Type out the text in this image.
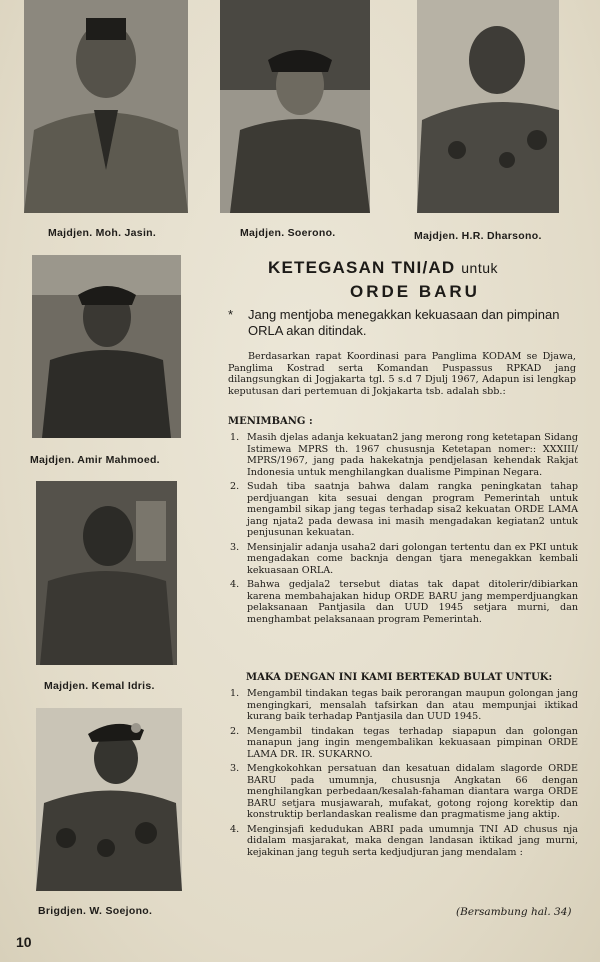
Majdjen. Moh. Jasin.	Majdjen. Soerono.	Majdjen. H.R. Dharsono.
Majdjen. Amir Mahmoed.
Majdjen. Kemal Idris.
Brigdjen. W. Soejono.
KETEGASAN TNI/AD untuk
ORDE BARU
*	Jang mentjoba menegakkan kekuasaan dan pimpinan ORLA akan ditindak.
Berdasarkan rapat Koordinasi para Panglima KODAM se Djawa, Panglima Kostrad serta Komandan Puspassus RPKAD jang dilangsungkan di Jogjakarta tgl. 5 s.d 7 Djulj 1967, Adapun isi lengkap keputusan dari pertemuan di Jokjakarta tsb. adalah sbb.:
MENIMBANG :
1. Masih djelas adanja kekuatan2 jang merong rong ketetapan Sidang Istimewa MPRS th. 1967 chususnja Ketetapan nomer:: XXXIII/ MPRS/1967, jang pada hakekatnja pendjelasan kehendak Rakjat Indonesia untuk menghilangkan dualisme Pimpinan Negara.
2. Sudah tiba saatnja bahwa dalam rangka peningkatan tahap perdjuangan kita sesuai dengan program Pemerintah untuk mengambil sikap jang tegas terhadap sisa2 kekuatan ORDE LAMA jang njata2 pada dewasa ini masih mengadakan kegiatan2 untuk penjusunan kekuatan.
3. Mensinjalir adanja usaha2 dari golongan tertentu dan ex PKI untuk mengadakan come backnja dengan tjara menegakkan kembali kekuasaan ORLA.
4. Bahwa gedjala2 tersebut diatas tak dapat ditolerir/dibiarkan karena membahajakan hidup ORDE BARU jang memperdjuangkan pelaksanaan Pantjasila dan UUD 1945 setjara murni, dan menghambat pelaksanaan program Pemerintah.
MAKA DENGAN INI KAMI BERTEKAD BULAT UNTUK:
1. Mengambil tindakan tegas baik perorangan maupun golongan jang mengingkari, mensalah tafsirkan dan atau mempunjai iktikad kurang baik terhadap Pantjasila dan UUD 1945.
2. Mengambil tindakan tegas terhadap siapapun dan golongan manapun jang ingin mengembalikan kekuasaan pimpinan ORDE LAMA DR. IR. SUKARNO.
3. Mengkokohkan persatuan dan kesatuan didalam slagorde ORDE BARU pada umumnja, chususnja Angkatan 66 dengan menghilangkan perbedaan/kesalah-fahaman diantara warga ORDE BARU setjara musjawarah, mufakat, gotong rojong korektip dan konstruktip berlandaskan realisme dan pragmatisme jang aktip.
4. Menginsjafi kedudukan ABRI pada umumnja TNI AD chusus nja didalam masjarakat, maka dengan landasan iktikad jang murni, kejakinan jang teguh serta kedjudjuran jang mendalam :
(Bersambung hal. 34)
10
